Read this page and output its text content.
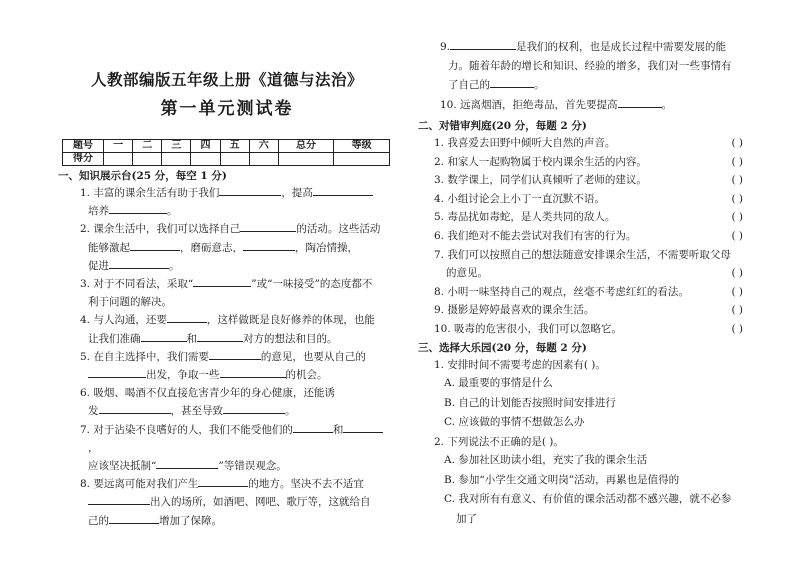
人教部编版五年级上册《道德与法治》
第一单元测试卷
题号	一	二	三	四	五	六	总分	等级
得分								
一、知识展示台(25 分，每空 1 分)
1. 丰富的课余生活有助于我们	，提高
培养	。
2. 课余生活中，我们可以选择自己	的活动。这些活动
能够激起	，磨砺意志，	，陶冶情操，
促进	。
3. 对于不同看法，采取“	”或“一味接受”的态度都不
利于问题的解决。
4. 与人沟通，还要	，这样做既是良好修养的体现，也能
让我们准确	和	对方的想法和目的。
5. 在自主选择中，我们需要	的意见，也要从自己的
出发，争取一些	的机会。
6. 吸烟、喝酒不仅直接危害青少年的身心健康，还能诱
发	，甚至导致	。
7. 对于沾染不良嗜好的人，我们不能受他们的	和，
应该坚决抵制“	”等错误观念。
8. 要远离可能对我们产生	的地方。坚决不去不适宜
出入的场所，如酒吧、网吧、歌厅等，这就给自
己的	增加了保障。
9.	是我们的权利，也是成长过程中需要发展的能
力。随着年龄的增长和知识、经验的增多，我们对一些事情有
了自己的	。
10. 远离烟酒，拒绝毒品，首先要提高	。
二、对错审判庭(20 分，每题 2 分)
1. 我喜爱去田野中倾听大自然的声音。	( )
2. 和家人一起购物属于校内课余生活的内容。	( )
3. 数学课上，同学们认真倾听了老师的建议。	( )
4. 小组讨论会上小丁一直沉默不语。	( )
5. 毒品扰如毒蛇，是人类共同的敌人。	( )
6. 我们绝对不能去尝试对我们有害的行为。	( )
7. 我们可以按照自己的想法随意安排课余生活，不需要听取父母
的意见。	( )
8. 小明一味坚持自己的观点，丝毫不考虑红红的看法。	( )
9. 摄影是婷婷最喜欢的课余生活。	( )
10. 吸毒的危害很小，我们可以忽略它。	( )
三、选择大乐园(20 分，每题 2 分)
1. 安排时间不需要考虑的因素有( )。
A. 最重要的事情是什么
B. 自己的计划能否按照时间安排进行
C. 应该做的事情不想做怎么办
2. 下列说法不正确的是( )。
A. 参加社区助读小组，充实了我的课余生活
B. 参加“小学生交通文明岗”活动，再累也是值得的
C. 我对所有有意义、有价值的课余活动都不感兴趣，就不必参
加了
